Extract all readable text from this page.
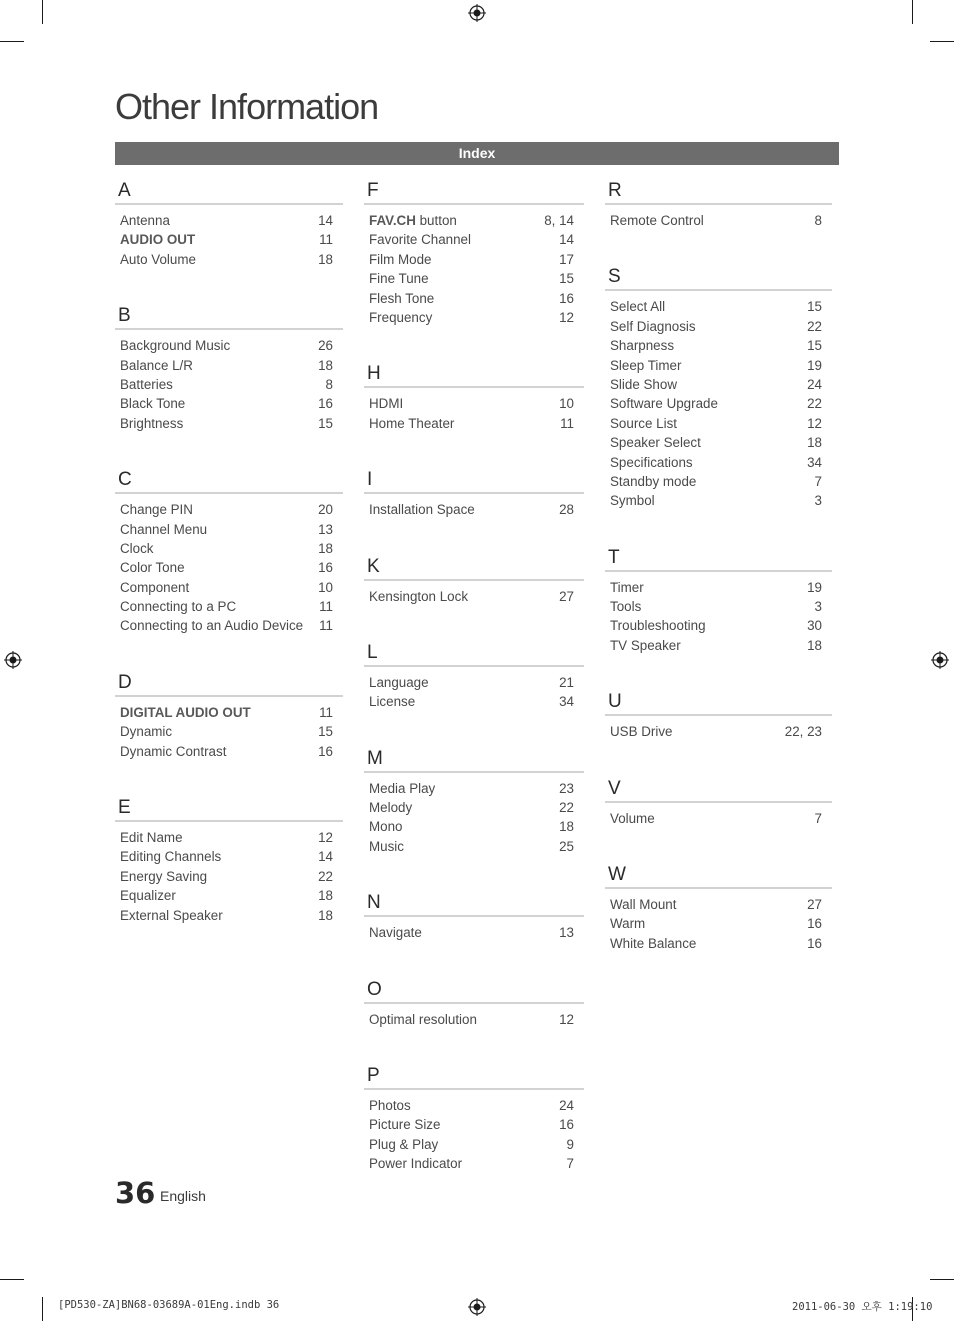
Other Information
Index
A
Antenna	14
AUDIO OUT	11
Auto Volume	18
B
Background Music	26
Balance L/R	18
Batteries	8
Black Tone	16
Brightness	15
C
Change PIN	20
Channel Menu	13
Clock	18
Color Tone	16
Component	10
Connecting to a PC	11
Connecting to an Audio Device 11
D
DIGITAL AUDIO OUT	11
Dynamic	15
Dynamic Contrast	16
E
Edit Name	12
Editing Channels	14
Energy Saving	22
Equalizer	18
External Speaker	18
F
FAV.CH button	8, 14
Favorite Channel	14
Film Mode	17
Fine Tune	15
Flesh Tone	16
Frequency	12
H
HDMI	10
Home Theater	11
I
Installation Space	28
K
Kensington Lock	27
L
Language	21
License	34
M
Media Play	23
Melody	22
Mono	18
Music	25
N
Navigate	13
O
Optimal resolution	12
P
Photos	24
Picture Size	16
Plug & Play	9
Power Indicator	7
R
Remote Control	8
S
Select All	15
Self Diagnosis	22
Sharpness	15
Sleep Timer	19
Slide Show	24
Software Upgrade	22
Source List	12
Speaker Select	18
Specifications	34
Standby mode	7
Symbol	3
T
Timer	19
Tools	3
Troubleshooting	30
TV Speaker	18
U
USB Drive	22, 23
V
Volume	7
W
Wall Mount	27
Warm	16
White Balance	16
36 English
[PD530-ZA]BN68-03689A-01Eng.indb 36	2011-06-30 오후 1:19:10
